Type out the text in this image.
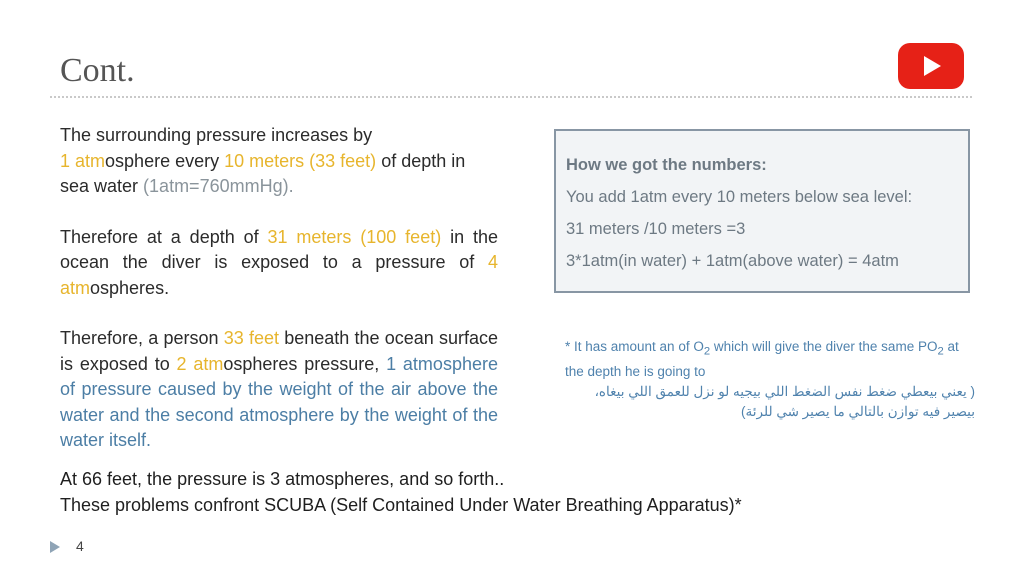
Cont.

The surrounding pressure increases by
1 atmosphere every 10 meters (33 feet) of depth in sea water (1atm=760mmHg).

Therefore at a depth of 31 meters (100 feet) in the ocean the diver is exposed to a pressure of 4 atmospheres.

Therefore, a person 33 feet beneath the ocean surface is exposed to 2 atmospheres pressure, 1 atmosphere of pressure caused by the weight of the air above the water and the second atmosphere by the weight of the water itself.

How we got the numbers:
You add 1atm every 10 meters below sea level:
31 meters /10 meters =3
3*1atm(in water) + 1atm(above water) = 4atm

* It has amount an of $O_2$ which will give the diver the same $PO_2$ at the depth he is going to

( يعني بيعطي ضغط نفس الضغط اللي بيجيه لو نزل للعمق اللي بيغاه، بيصير فيه توازن بالتالي ما يصير شي للرئة)

At 66 feet, the pressure is 3 atmospheres, and so forth..

These problems confront SCUBA (Self Contained Under Water Breathing Apparatus)*

4
